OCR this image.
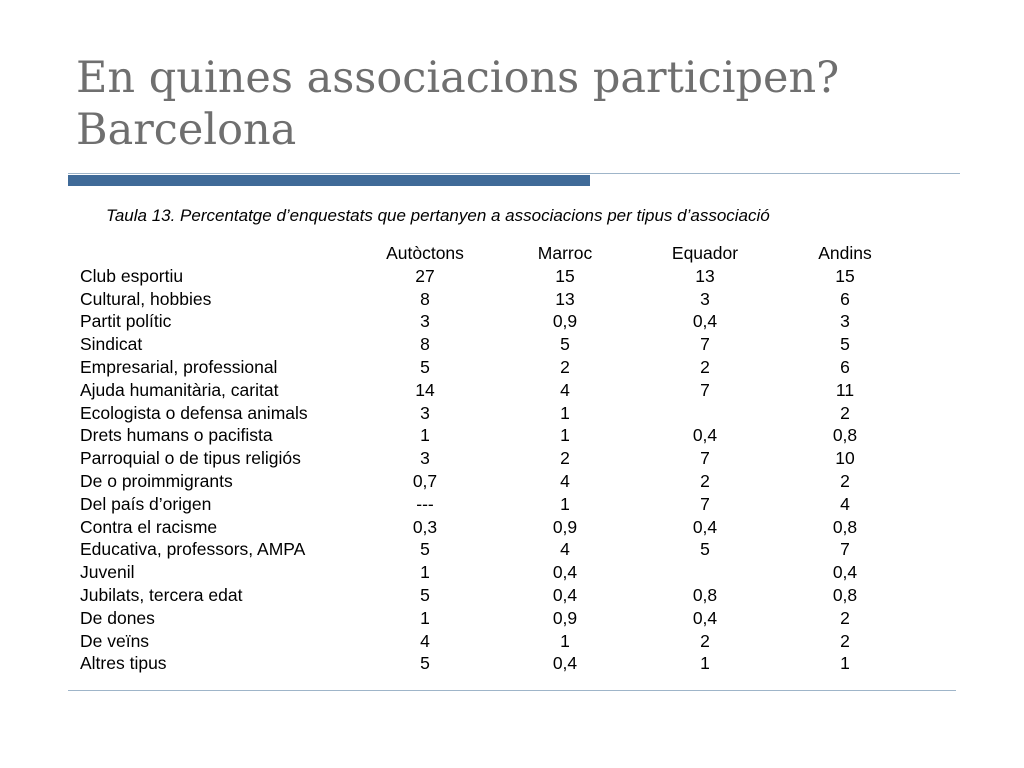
En quines associacions participen?
Barcelona
Taula 13. Percentatge d’enquestats que pertanyen a associacions per tipus d’associació
	Autòctons	Marroc	Equador	Andins
Club esportiu	27	15	13	15
Cultural, hobbies	8	13	3	6
Partit polític	3	0,9	0,4	3
Sindicat	8	5	7	5
Empresarial, professional	5	2	2	6
Ajuda humanitària, caritat	14	4	7	11
Ecologista o defensa animals	3	1		2
Drets humans o pacifista	1	1	0,4	0,8
Parroquial o de tipus religiós	3	2	7	10
De o proimmigrants	0,7	4	2	2
Del país d’origen	---	1	7	4
Contra el racisme	0,3	0,9	0,4	0,8
Educativa, professors, AMPA	5	4	5	7
Juvenil	1	0,4		0,4
Jubilats, tercera edat	5	0,4	0,8	0,8
De dones	1	0,9	0,4	2
De veïns	4	1	2	2
Altres tipus	5	0,4	1	1
